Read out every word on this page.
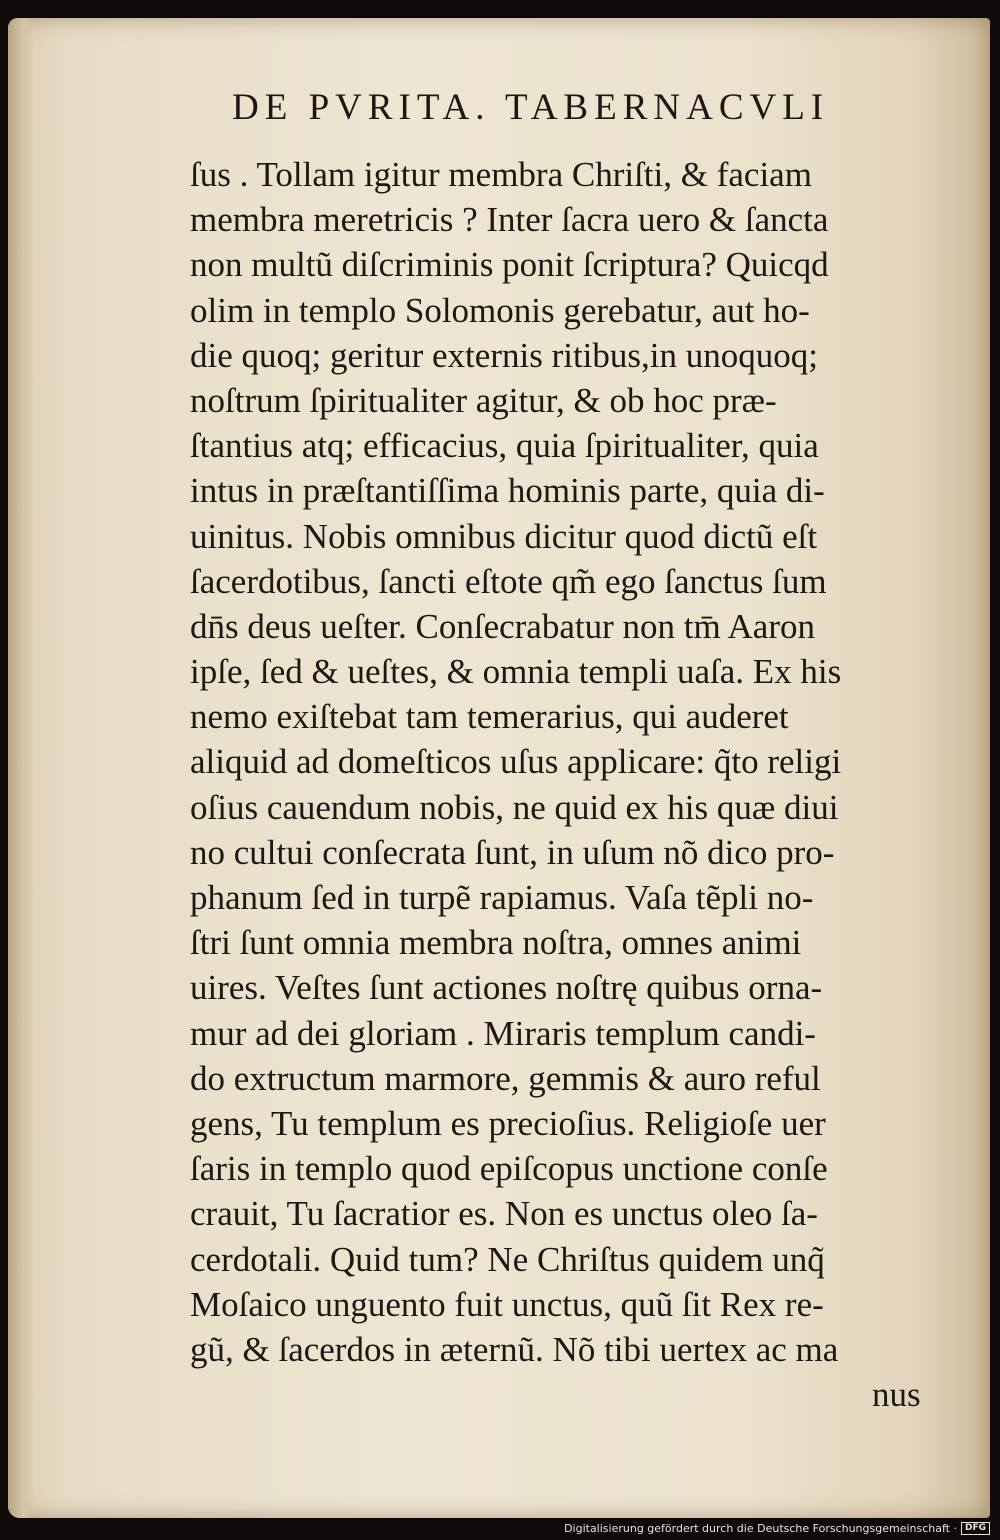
DE PVRITA. TABERNACVLI
ſus . Tollam igitur membra Chriſti, & faciam
membra meretricis ? Inter ſacra uero & ſancta
non multũ diſcriminis ponit ſcriptura? Quicqd
olim in templo Solomonis gerebatur, aut ho-
die quoq; geritur externis ritibus,in unoquoq;
noſtrum ſpiritualiter agitur, & ob hoc præ-
ſtantius atq; efficacius, quia ſpiritualiter, quia
intus in præſtantiſſima hominis parte, quia di-
uinitus. Nobis omnibus dicitur quod dictũ eſt
ſacerdotibus, ſancti eſtote qm̃ ego ſanctus ſum
dn̄s deus ueſter. Conſecrabatur non tm̄ Aaron
ipſe, ſed & ueſtes, & omnia templi uaſa. Ex his
nemo exiſtebat tam temerarius, qui auderet
aliquid ad domeſticos uſus applicare: q̃to religi
oſius cauendum nobis, ne quid ex his quæ diui
no cultui conſecrata ſunt, in uſum nõ dico pro-
phanum ſed in turpẽ rapiamus. Vaſa tẽpli no-
ſtri ſunt omnia membra noſtra, omnes animi
uires. Veſtes ſunt actiones noſtrę quibus orna-
mur ad dei gloriam . Miraris templum candi-
do extructum marmore, gemmis & auro reful
gens, Tu templum es precioſius. Religioſe uer
ſaris in templo quod epiſcopus unctione conſe
crauit, Tu ſacratior es. Non es unctus oleo ſa-
cerdotali. Quid tum? Ne Chriſtus quidem unq̃
Moſaico unguento fuit unctus, quũ ſit Rex re-
gũ, & ſacerdos in æternũ. Nõ tibi uertex ac ma
nus
Digitalisierung gefördert durch die Deutsche Forschungsgemeinschaft · DFG
